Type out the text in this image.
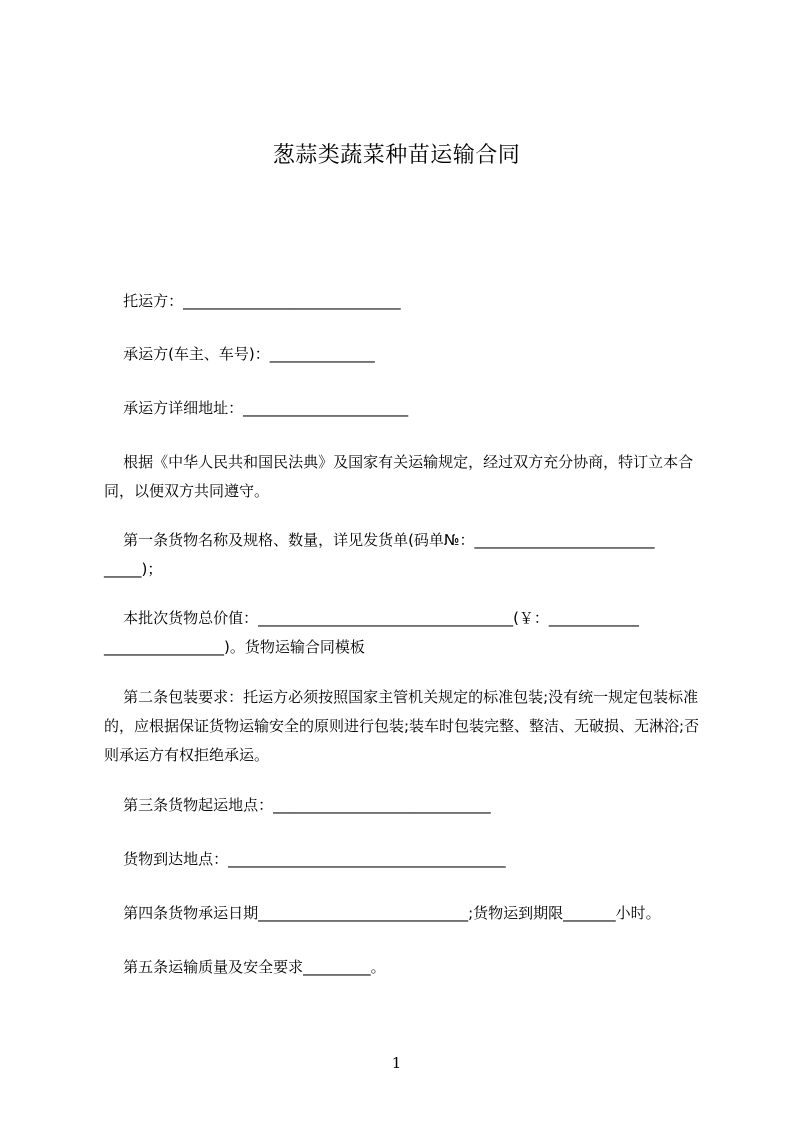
葱蒜类蔬菜种苗运输合同
托运方：_____________________________
承运方(车主、车号)：______________
承运方详细地址：______________________
根据《中华人民共和国民法典》及国家有关运输规定，经过双方充分协商，特订立本合同，以便双方共同遵守。
第一条货物名称及规格、数量，详见发货单(码单№：________________________
_____)；
本批次货物总价值：__________________________________(￥：____________
________________)。货物运输合同模板
第二条包装要求：托运方必须按照国家主管机关规定的标准包装;没有统一规定包装标准的，应根据保证货物运输安全的原则进行包装;装车时包装完整、整洁、无破损、无淋浴;否则承运方有权拒绝承运。
第三条货物起运地点：_____________________________
货物到达地点：_____________________________________
第四条货物承运日期____________________________;货物运到期限_______小时。
第五条运输质量及安全要求_________。
1
